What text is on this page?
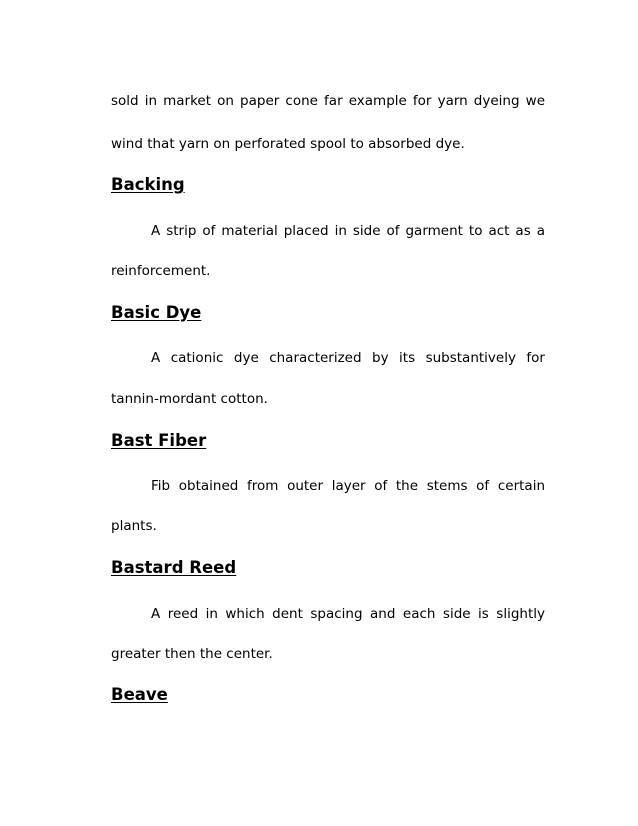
sold in market on paper cone far example for yarn dyeing we
wind that yarn on perforated spool to absorbed dye.
Backing
A strip of material placed in side of garment to act as a
reinforcement.
Basic Dye
A cationic dye characterized by its substantively for
tannin-mordant cotton.
Bast Fiber
Fib obtained from outer layer of the stems of certain
plants.
Bastard Reed
A reed in which dent spacing and each side is slightly
greater then the center.
Beave
